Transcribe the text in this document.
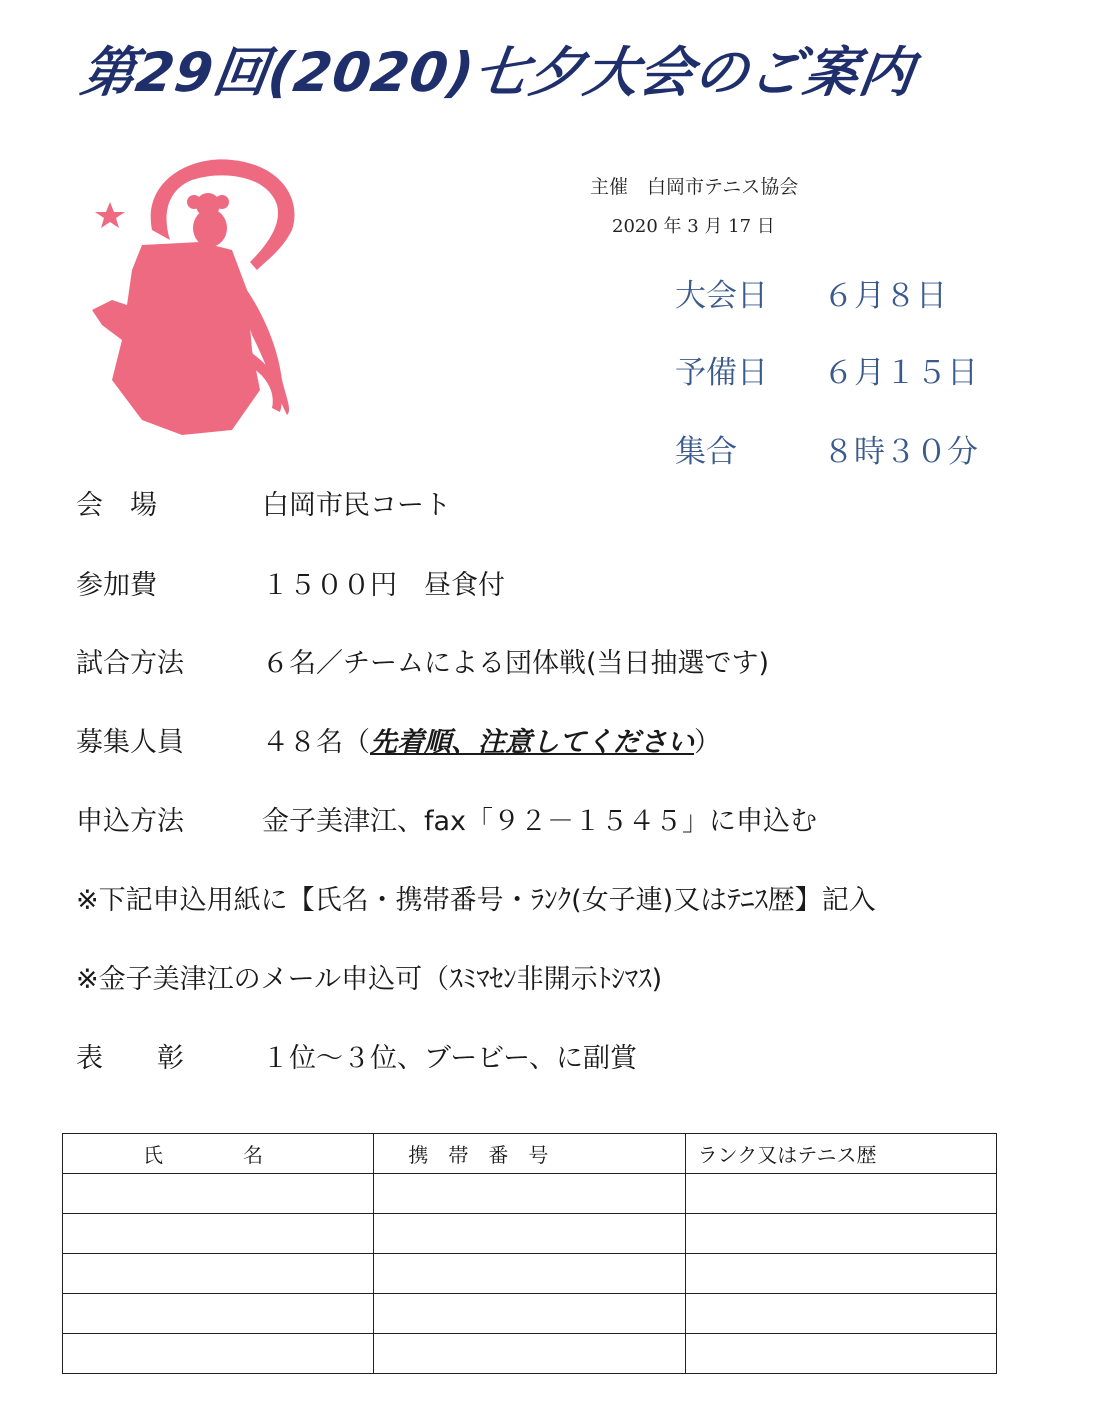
第29回(2020)七夕大会のご案内
主催　白岡市テニス協会
2020 年 3 月 17 日
大会日 ６月８日
予備日 ６月１５日
集合	８時３０分
会　場	白岡市民コート
参加費	１５００円　昼食付
試合方法	６名／チームによる団体戦(当日抽選です)
募集人員	４８名（先着順、注意してください）
申込方法	金子美津江、fax「９２－１５４５」に申込む
※下記申込用紙に【氏名・携帯番号・ﾗﾝｸ(女子連)又はﾃﾆｽ歴】記入
※金子美津江のメール申込可（ｽﾐﾏｾﾝ非開示ﾄｼﾏｽ)
表　　彰	１位～３位、ブービー、に副賞
氏　　　　名	携　帯　番　号	ランク又はテニス歴
